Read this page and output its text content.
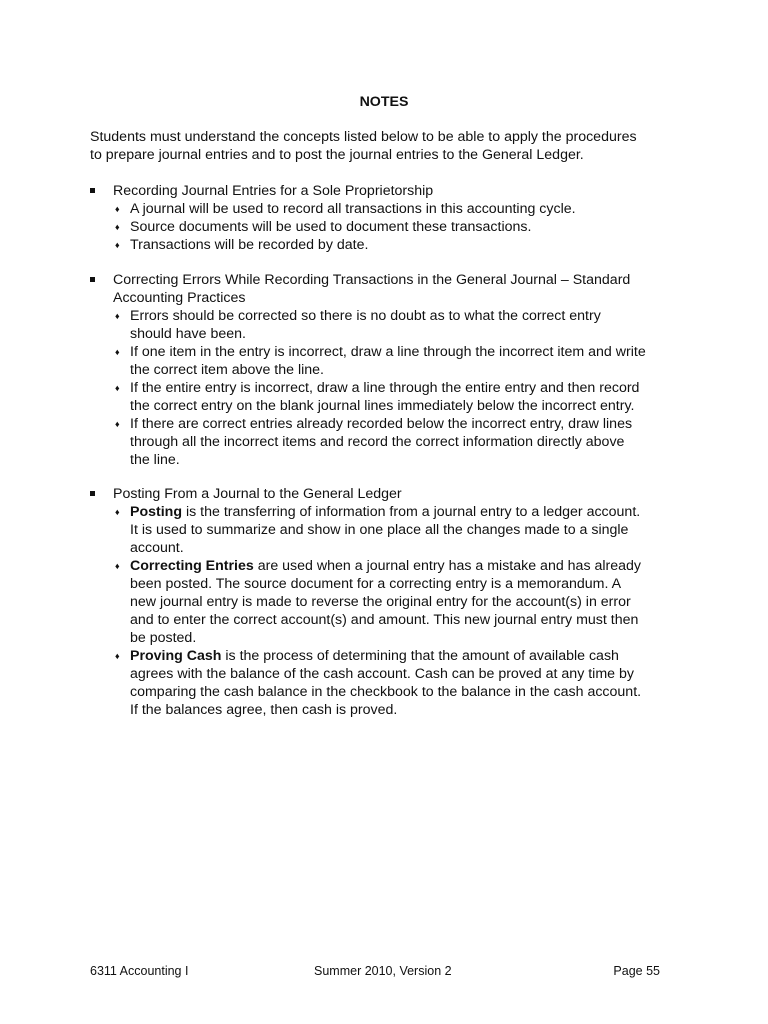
NOTES

Students must understand the concepts listed below to be able to apply the procedures

to prepare journal entries and to post the journal entries to the General Ledger.

Recording Journal Entries for a Sole Proprietorship
♦ A journal will be used to record all transactions in this accounting cycle.
♦ Source documents will be used to document these transactions.
♦ Transactions will be recorded by date.
Correcting Errors While Recording Transactions in the General Journal – Standard
Accounting Practices
♦ Errors should be corrected so there is no doubt as to what the correct entry
should have been.
♦ If one item in the entry is incorrect, draw a line through the incorrect item and write
the correct item above the line.
♦ If the entire entry is incorrect, draw a line through the entire entry and then record
the correct entry on the blank journal lines immediately below the incorrect entry.
♦ If there are correct entries already recorded below the incorrect entry, draw lines
through all the incorrect items and record the correct information directly above
the line.
Posting From a Journal to the General Ledger
♦ Posting is the transferring of information from a journal entry to a ledger account.
It is used to summarize and show in one place all the changes made to a single
account.
♦ Correcting Entries are used when a journal entry has a mistake and has already
been posted. The source document for a correcting entry is a memorandum. A
new journal entry is made to reverse the original entry for the account(s) in error
and to enter the correct account(s) and amount. This new journal entry must then
be posted.
♦ Proving Cash is the process of determining that the amount of available cash
agrees with the balance of the cash account. Cash can be proved at any time by
comparing the cash balance in the checkbook to the balance in the cash account.
If the balances agree, then cash is proved.
6311 Accounting I	Summer 2010, Version 2	Page 55
